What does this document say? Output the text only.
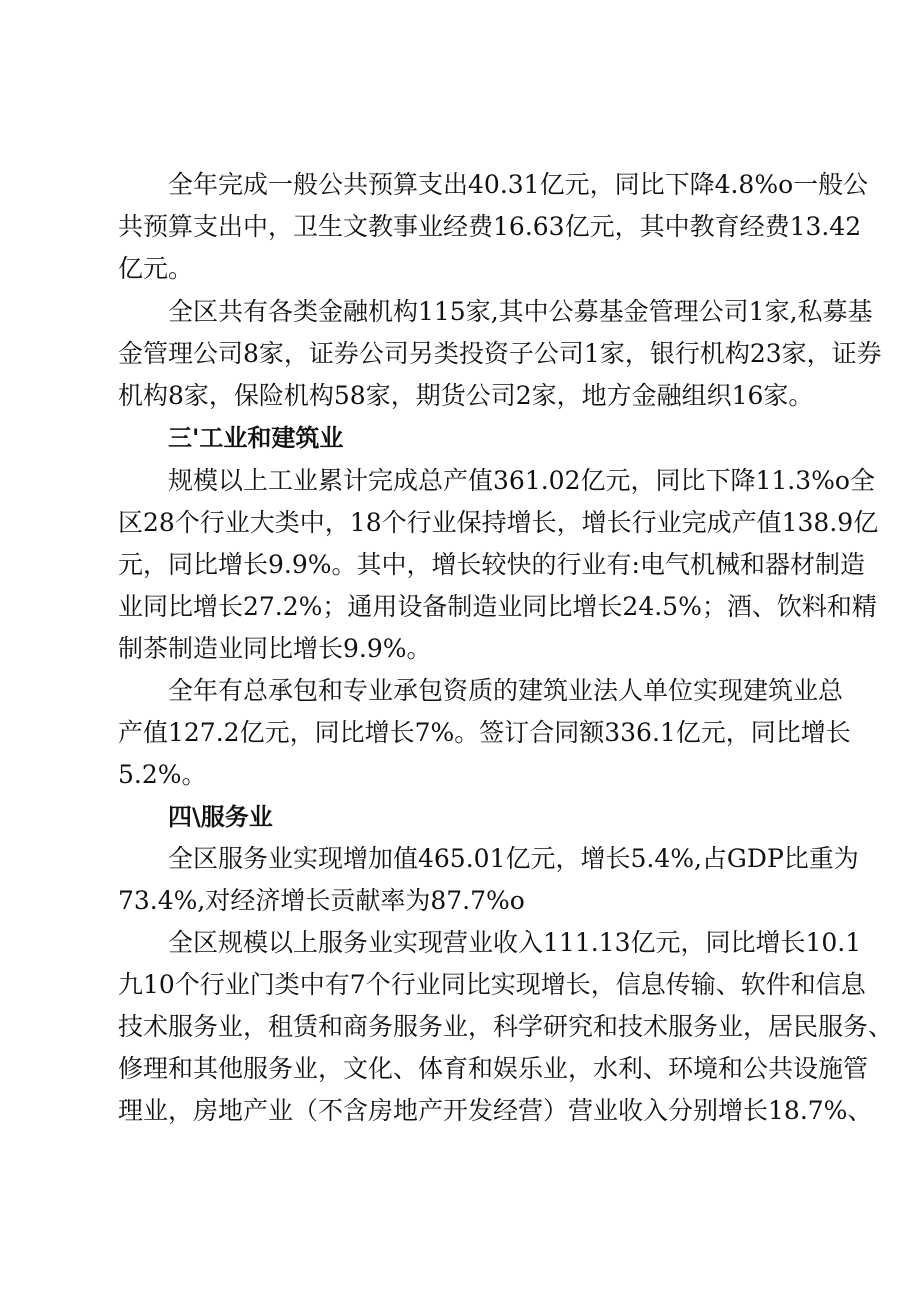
全年完成一般公共预算支出40.31亿元，同比下降4.8%o一般公
共预算支出中，卫生文教事业经费16.63亿元，其中教育经费13.42
亿元。
全区共有各类金融机构115家,其中公募基金管理公司1家,私募基
金管理公司8家，证券公司另类投资子公司1家，银行机构23家，证券
机构8家，保险机构58家，期货公司2家，地方金融组织16家。
三'工业和建筑业
规模以上工业累计完成总产值361.02亿元，同比下降11.3%o全
区28个行业大类中，18个行业保持增长，增长行业完成产值138.9亿
元，同比增长9.9%。其中，增长较快的行业有:电气机械和器材制造
业同比增长27.2%；通用设备制造业同比增长24.5%；酒、饮料和精
制茶制造业同比增长9.9%。
全年有总承包和专业承包资质的建筑业法人单位实现建筑业总
产值127.2亿元，同比增长7%。签订合同额336.1亿元，同比增长
5.2%。
四\服务业
全区服务业实现增加值465.01亿元，增长5.4%,占GDP比重为
73.4%,对经济增长贡献率为87.7%o
全区规模以上服务业实现营业收入111.13亿元，同比增长10.1
九10个行业门类中有7个行业同比实现增长，信息传输、软件和信息
技术服务业，租赁和商务服务业，科学研究和技术服务业，居民服务、
修理和其他服务业，文化、体育和娱乐业，水利、环境和公共设施管
理业，房地产业（不含房地产开发经营）营业收入分别增长18.7%、
